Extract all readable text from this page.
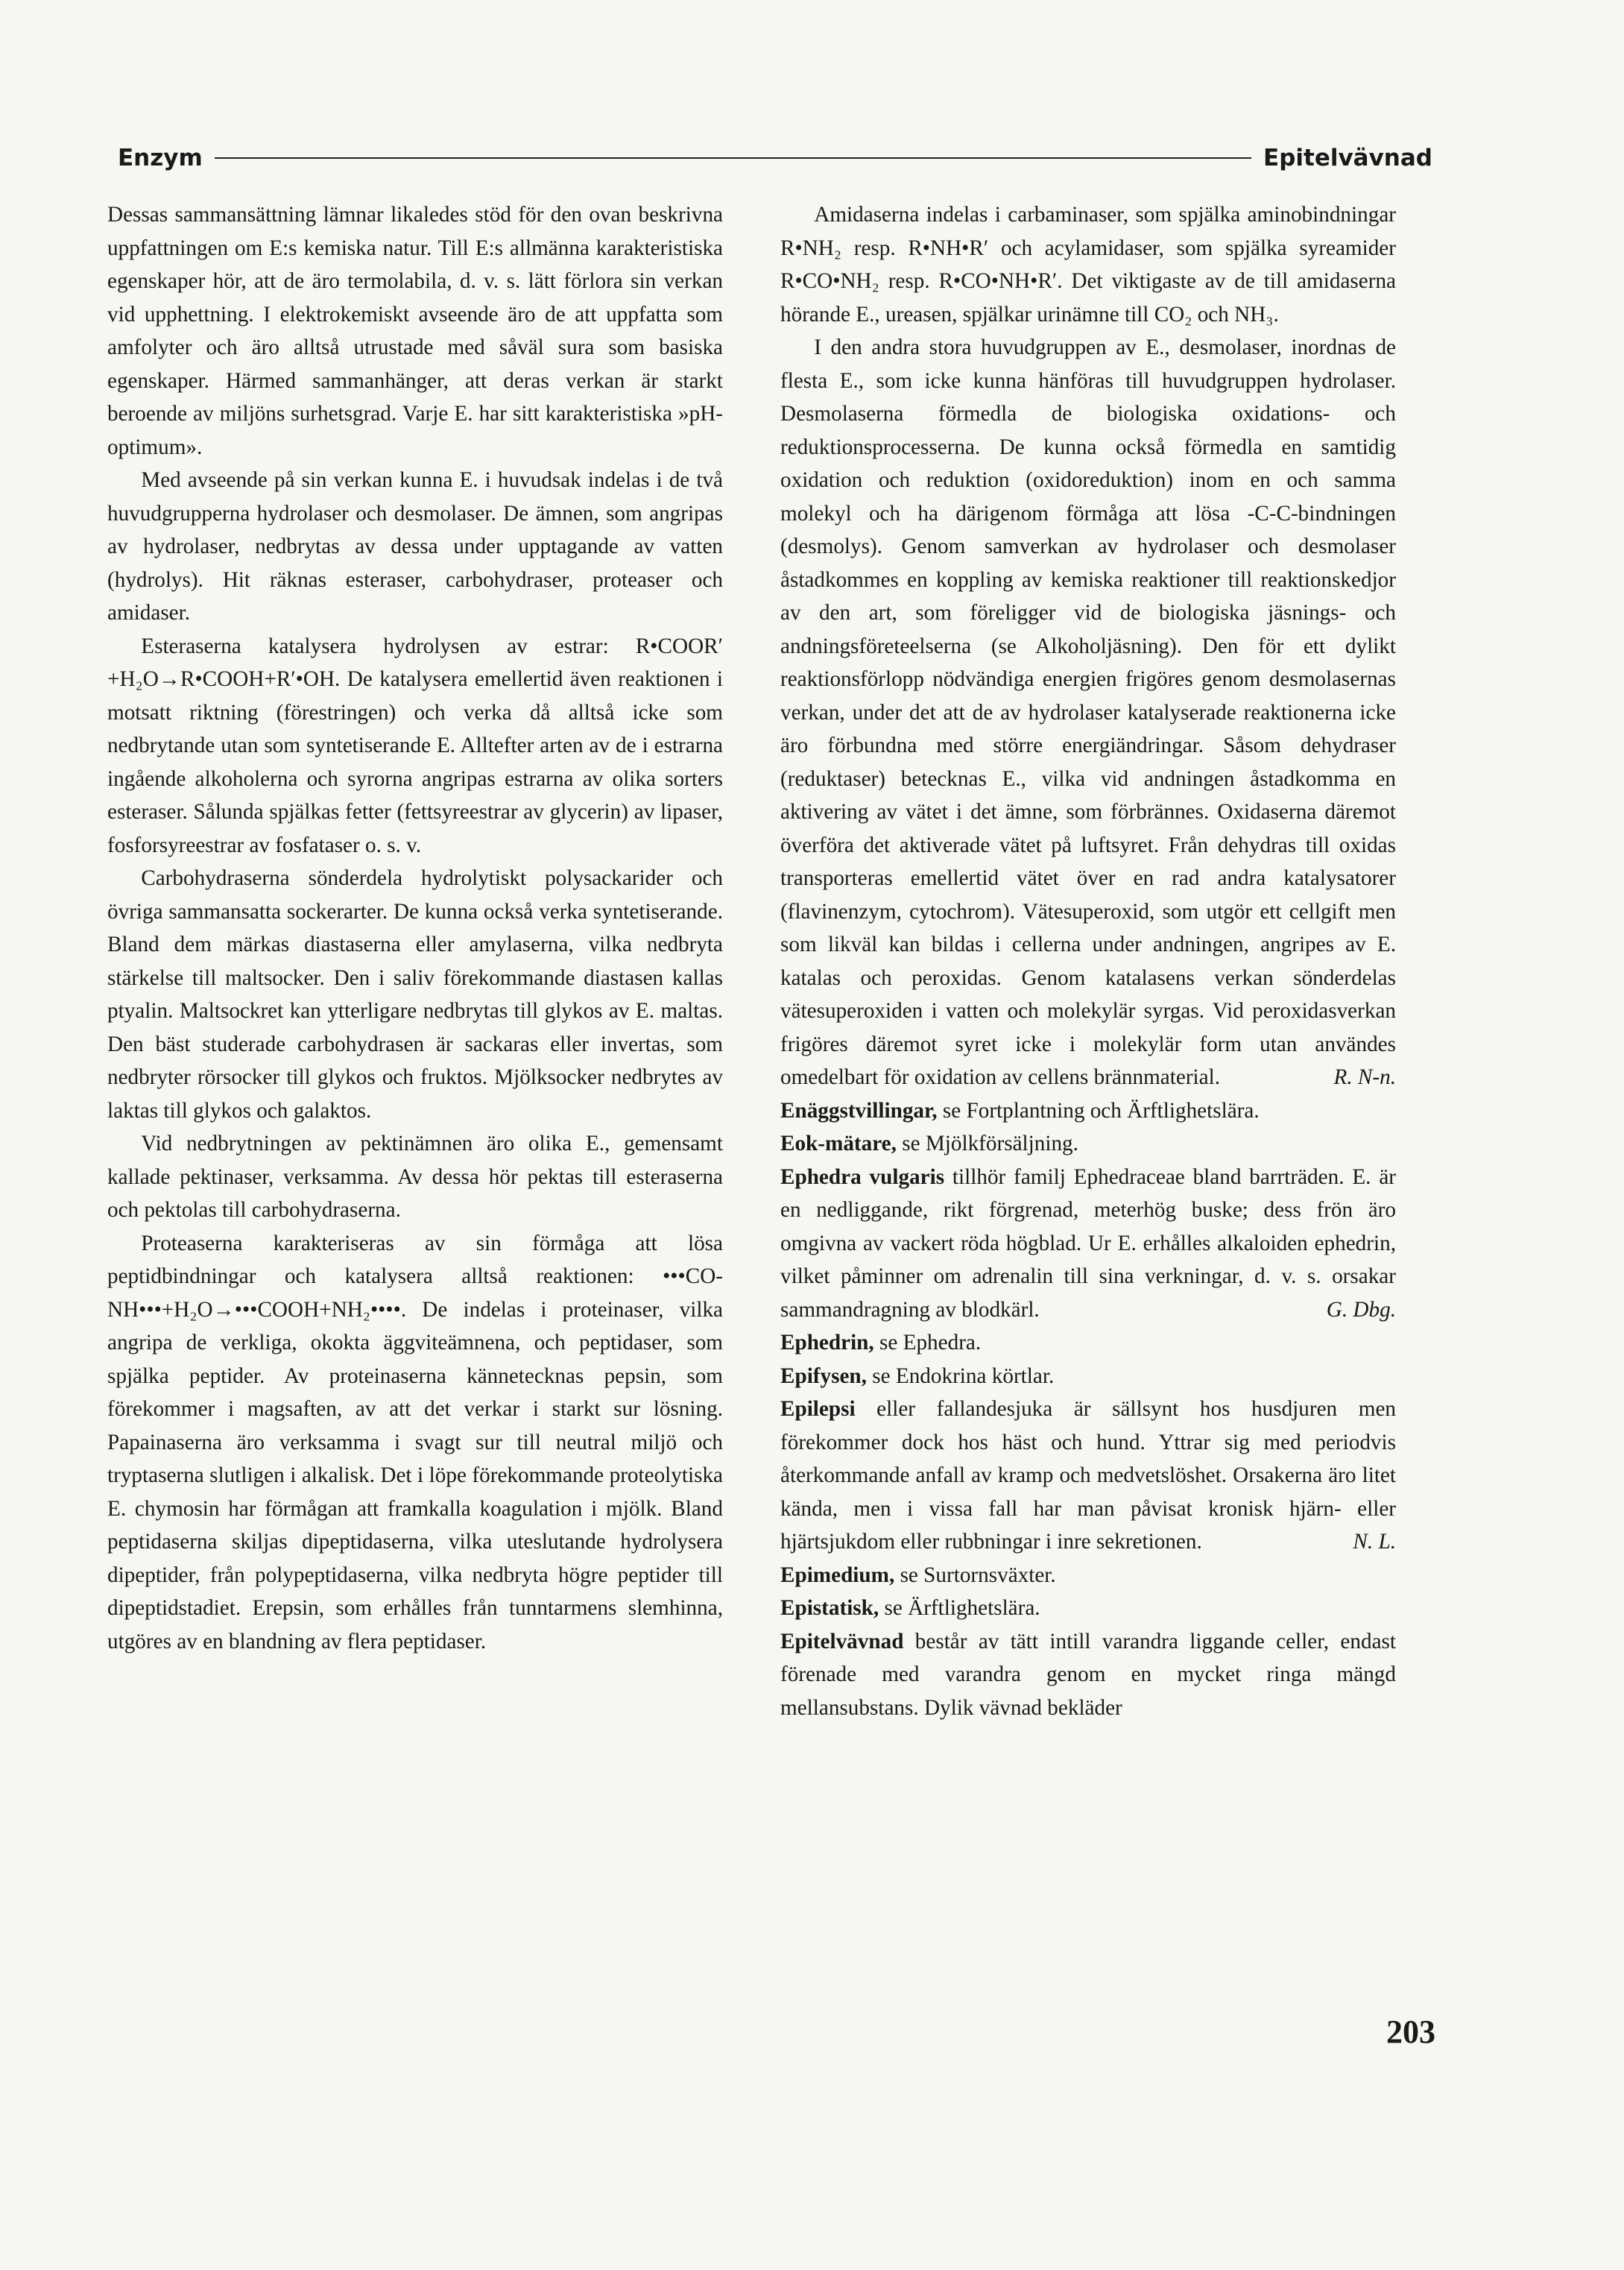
Enzym	Epitelvävnad

Dessas sammansättning lämnar likaledes stöd för den ovan beskrivna uppfattningen om E:s kemiska natur. Till E:s allmänna karakteristiska egenskaper hör, att de äro termolabila, d. v. s. lätt förlora sin verkan vid upphettning. I elektrokemiskt avseende äro de att uppfatta som amfolyter och äro alltså utrustade med såväl sura som basiska egenskaper. Härmed sammanhänger, att deras verkan är starkt beroende av miljöns surhetsgrad. Varje E. har sitt karakteristiska »pH-optimum».

Med avseende på sin verkan kunna E. i huvudsak indelas i de två huvudgrupperna hydrolaser och desmolaser. De ämnen, som angripas av hydrolaser, nedbrytas av dessa under upptagande av vatten (hydrolys). Hit räknas esteraser, carbohydraser, proteaser och amidaser.

Esteraserna katalysera hydrolysen av estrar: R•COOR′+H₂O→R•COOH+R′•OH. De katalysera emellertid även reaktionen i motsatt riktning (förestringen) och verka då alltså icke som nedbrytande utan som syntetiserande E. Alltefter arten av de i estrarna ingående alkoholerna och syrorna angripas estrarna av olika sorters esteraser. Sålunda spjälkas fetter (fettsyreestrar av glycerin) av lipaser, fosforsyreestrar av fosfataser o. s. v.

Carbohydraserna sönderdela hydrolytiskt polysackarider och övriga sammansatta sockerarter. De kunna också verka syntetiserande. Bland dem märkas diastaserna eller amylaserna, vilka nedbryta stärkelse till maltsocker. Den i saliv förekommande diastasen kallas ptyalin. Maltsockret kan ytterligare nedbrytas till glykos av E. maltas. Den bäst studerade carbohydrasen är sackaras eller invertas, som nedbryter rörsocker till glykos och fruktos. Mjölksocker nedbrytes av laktas till glykos och galaktos.

Vid nedbrytningen av pektinämnen äro olika E., gemensamt kallade pektinaser, verksamma. Av dessa hör pektas till esteraserna och pektolas till carbohydraserna.

Proteaserna karakteriseras av sin förmåga att lösa peptidbindningar och katalysera alltså reaktionen: •••CO-NH•••+H₂O→•••COOH+NH₂••••. De indelas i proteinaser, vilka angripa de verkliga, okokta äggviteämnena, och peptidaser, som spjälka peptider. Av proteinaserna kännetecknas pepsin, som förekommer i magsaften, av att det verkar i starkt sur lösning. Papainaserna äro verksamma i svagt sur till neutral miljö och tryptaserna slutligen i alkalisk. Det i löpe förekommande proteolytiska E. chymosin har förmågan att framkalla koagulation i mjölk. Bland peptidaserna skiljas dipeptidaserna, vilka uteslutande hydrolysera dipeptider, från polypeptidaserna, vilka nedbryta högre peptider till dipeptidstadiet. Erepsin, som erhålles från tunntarmens slemhinna, utgöres av en blandning av flera peptidaser.

Amidaserna indelas i carbaminaser, som spjälka aminobindningar R•NH₂ resp. R•NH•R′ och acylamidaser, som spjälka syreamider R•CO•NH₂ resp. R•CO•NH•R′. Det viktigaste av de till amidaserna hörande E., ureasen, spjälkar urinämne till CO₂ och NH₃.

I den andra stora huvudgruppen av E., desmolaser, inordnas de flesta E., som icke kunna hänföras till huvudgruppen hydrolaser. Desmolaserna förmedla de biologiska oxidations- och reduktionsprocesserna. De kunna också förmedla en samtidig oxidation och reduktion (oxidoreduktion) inom en och samma molekyl och ha därigenom förmåga att lösa -C-C-bindningen (desmolys). Genom samverkan av hydrolaser och desmolaser åstadkommes en koppling av kemiska reaktioner till reaktionskedjor av den art, som föreligger vid de biologiska jäsnings- och andningsföreteelserna (se Alkoholjäsning). Den för ett dylikt reaktionsförlopp nödvändiga energien frigöres genom desmolasernas verkan, under det att de av hydrolaser katalyserade reaktionerna icke äro förbundna med större energiändringar. Såsom dehydraser (reduktaser) betecknas E., vilka vid andningen åstadkomma en aktivering av vätet i det ämne, som förbrännes. Oxidaserna däremot överföra det aktiverade vätet på luftsyret. Från dehydras till oxidas transporteras emellertid vätet över en rad andra katalysatorer (flavinenzym, cytochrom). Vätesuperoxid, som utgör ett cellgift men som likväl kan bildas i cellerna under andningen, angripes av E. katalas och peroxidas. Genom katalasens verkan sönderdelas vätesuperoxiden i vatten och molekylär syrgas. Vid peroxidasverkan frigöres däremot syret icke i molekylär form utan användes omedelbart för oxidation av cellens brännmaterial.	R. N-n.

Enäggstvillingar, se Fortplantning och Ärftlighetslära.

Eok-mätare, se Mjölkförsäljning.

Ephedra vulgaris tillhör familj Ephedraceae bland barrträden. E. är en nedliggande, rikt förgrenad, meterhög buske; dess frön äro omgivna av vackert röda högblad. Ur E. erhålles alkaloiden ephedrin, vilket påminner om adrenalin till sina verkningar, d. v. s. orsakar sammandragning av blodkärl.	G. Dbg.

Ephedrin, se Ephedra.

Epifysen, se Endokrina körtlar.

Epilepsi eller fallandesjuka är sällsynt hos husdjuren men förekommer dock hos häst och hund. Yttrar sig med periodvis återkommande anfall av kramp och medvetslöshet. Orsakerna äro litet kända, men i vissa fall har man påvisat kronisk hjärn- eller hjärtsjukdom eller rubbningar i inre sekretionen.	N. L.

Epimedium, se Surtornsväxter.

Epistatisk, se Ärftlighetslära.

Epitelvävnad består av tätt intill varandra liggande celler, endast förenade med varandra genom en mycket ringa mängd mellansubstans. Dylik vävnad bekläder

203
